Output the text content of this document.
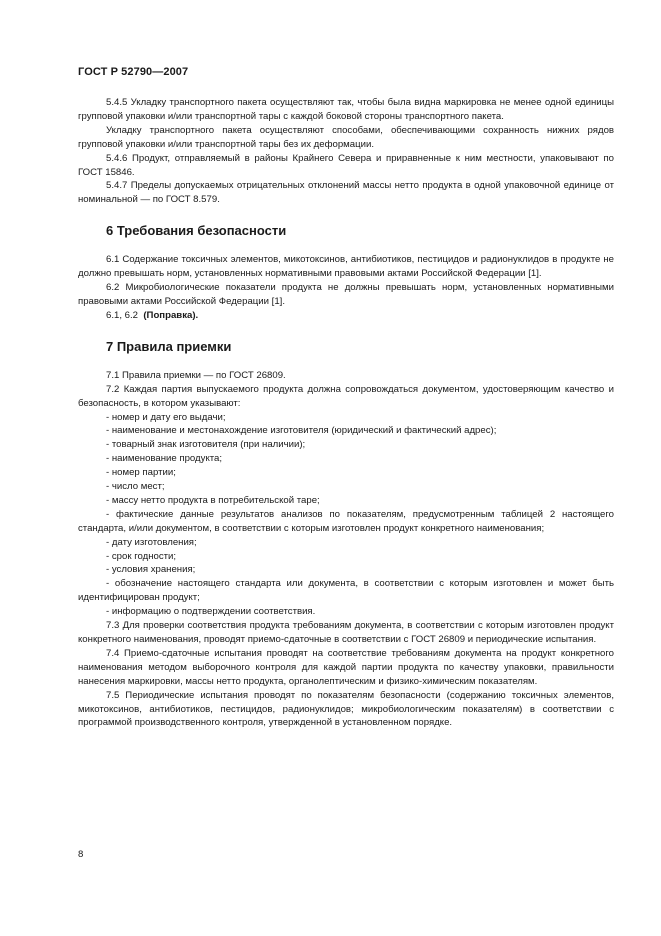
ГОСТ Р 52790—2007

5.4.5 Укладку транспортного пакета осуществляют так, чтобы была видна маркировка не менее одной единицы групповой упаковки и/или транспортной тары с каждой боковой стороны транспортного пакета.

Укладку транспортного пакета осуществляют способами, обеспечивающими сохранность нижних рядов групповой упаковки и/или транспортной тары без их деформации.

5.4.6 Продукт, отправляемый в районы Крайнего Севера и приравненные к ним местности, упаковывают по ГОСТ 15846.

5.4.7 Пределы допускаемых отрицательных отклонений массы нетто продукта в одной упаковочной единице от номинальной — по ГОСТ 8.579.

6 Требования безопасности

6.1 Содержание токсичных элементов, микотоксинов, антибиотиков, пестицидов и радионуклидов в продукте не должно превышать норм, установленных нормативными правовыми актами Российской Федерации [1].

6.2 Микробиологические показатели продукта не должны превышать норм, установленных нормативными правовыми актами Российской Федерации [1].

6.1, 6.2 (Поправка).

7 Правила приемки

7.1 Правила приемки — по ГОСТ 26809.

7.2 Каждая партия выпускаемого продукта должна сопровождаться документом, удостоверяющим качество и безопасность, в котором указывают:

- номер и дату его выдачи;

- наименование и местонахождение изготовителя (юридический и фактический адрес);

- товарный знак изготовителя (при наличии);

- наименование продукта;

- номер партии;

- число мест;

- массу нетто продукта в потребительской таре;

- фактические данные результатов анализов по показателям, предусмотренным таблицей 2 настоящего стандарта, и/или документом, в соответствии с которым изготовлен продукт конкретного наименования;

- дату изготовления;

- срок годности;

- условия хранения;

- обозначение настоящего стандарта или документа, в соответствии с которым изготовлен и может быть идентифицирован продукт;

- информацию о подтверждении соответствия.

7.3 Для проверки соответствия продукта требованиям документа, в соответствии с которым изготовлен продукт конкретного наименования, проводят приемо-сдаточные в соответствии с ГОСТ 26809 и периодические испытания.

7.4 Приемо-сдаточные испытания проводят на соответствие требованиям документа на продукт конкретного наименования методом выборочного контроля для каждой партии продукта по качеству упаковки, правильности нанесения маркировки, массы нетто продукта, органолептическим и физико-химическим показателям.

7.5 Периодические испытания проводят по показателям безопасности (содержанию токсичных элементов, микотоксинов, антибиотиков, пестицидов, радионуклидов; микробиологическим показателям) в соответствии с программой производственного контроля, утвержденной в установленном порядке.

8
